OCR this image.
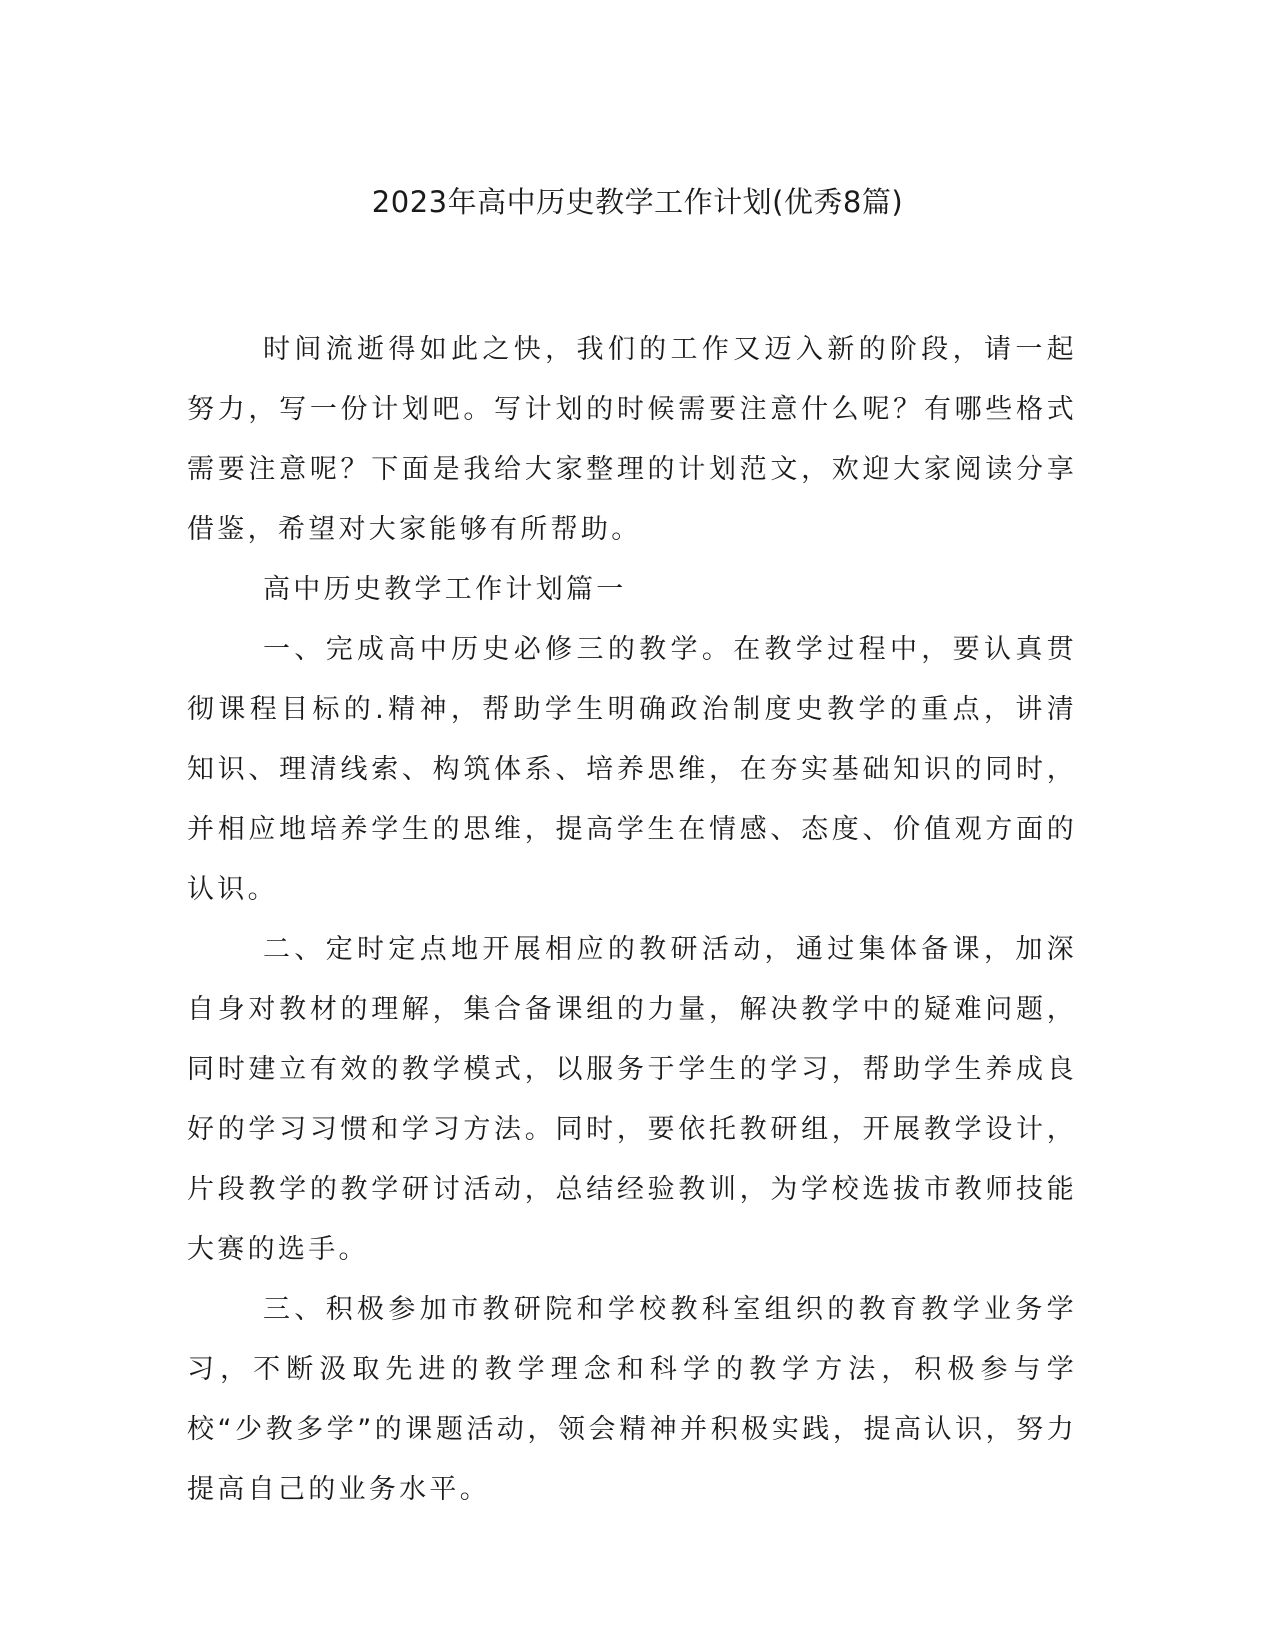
2023年高中历史教学工作计划(优秀8篇)

时间流逝得如此之快，我们的工作又迈入新的阶段，请一起努力，写一份计划吧。写计划的时候需要注意什么呢？有哪些格式需要注意呢？下面是我给大家整理的计划范文，欢迎大家阅读分享借鉴，希望对大家能够有所帮助。

高中历史教学工作计划篇一

一、完成高中历史必修三的教学。在教学过程中，要认真贯彻课程目标的.精神，帮助学生明确政治制度史教学的重点，讲清知识、理清线索、构筑体系、培养思维，在夯实基础知识的同时，并相应地培养学生的思维，提高学生在情感、态度、价值观方面的认识。

二、定时定点地开展相应的教研活动，通过集体备课，加深自身对教材的理解，集合备课组的力量，解决教学中的疑难问题，同时建立有效的教学模式，以服务于学生的学习，帮助学生养成良好的学习习惯和学习方法。同时，要依托教研组，开展教学设计，片段教学的教学研讨活动，总结经验教训，为学校选拔市教师技能大赛的选手。

三、积极参加市教研院和学校教科室组织的教育教学业务学习，不断汲取先进的教学理念和科学的教学方法，积极参与学校“少教多学”的课题活动，领会精神并积极实践，提高认识，努力提高自己的业务水平。
